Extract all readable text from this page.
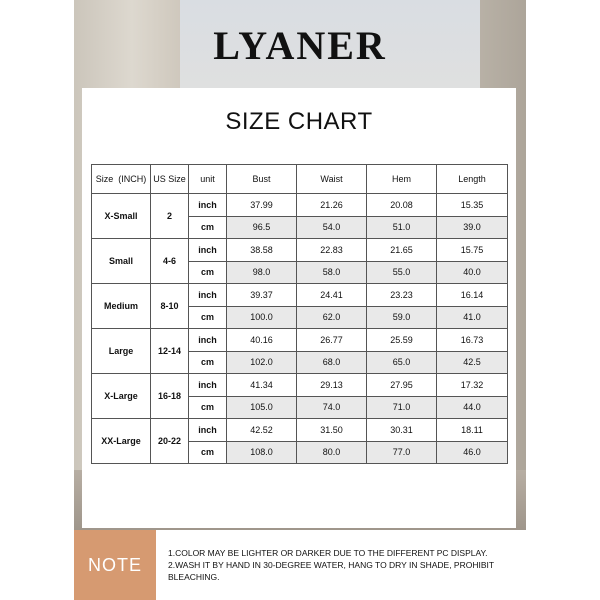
LYANER
SIZE CHART
Size  (INCH)	US Size	unit	Bust	Waist	Hem	Length
X-Small	2	inch	37.99	21.26	20.08	15.35
		cm	96.5	54.0	51.0	39.0
Small	4-6	inch	38.58	22.83	21.65	15.75
		cm	98.0	58.0	55.0	40.0
Medium	8-10	inch	39.37	24.41	23.23	16.14
		cm	100.0	62.0	59.0	41.0
Large	12-14	inch	40.16	26.77	25.59	16.73
		cm	102.0	68.0	65.0	42.5
X-Large	16-18	inch	41.34	29.13	27.95	17.32
		cm	105.0	74.0	71.0	44.0
XX-Large	20-22	inch	42.52	31.50	30.31	18.11
		cm	108.0	80.0	77.0	46.0
NOTE
1.COLOR MAY BE LIGHTER OR DARKER DUE TO THE DIFFERENT PC DISPLAY.
2.WASH IT BY HAND IN 30-DEGREE WATER, HANG TO DRY IN SHADE, PROHIBIT BLEACHING.
